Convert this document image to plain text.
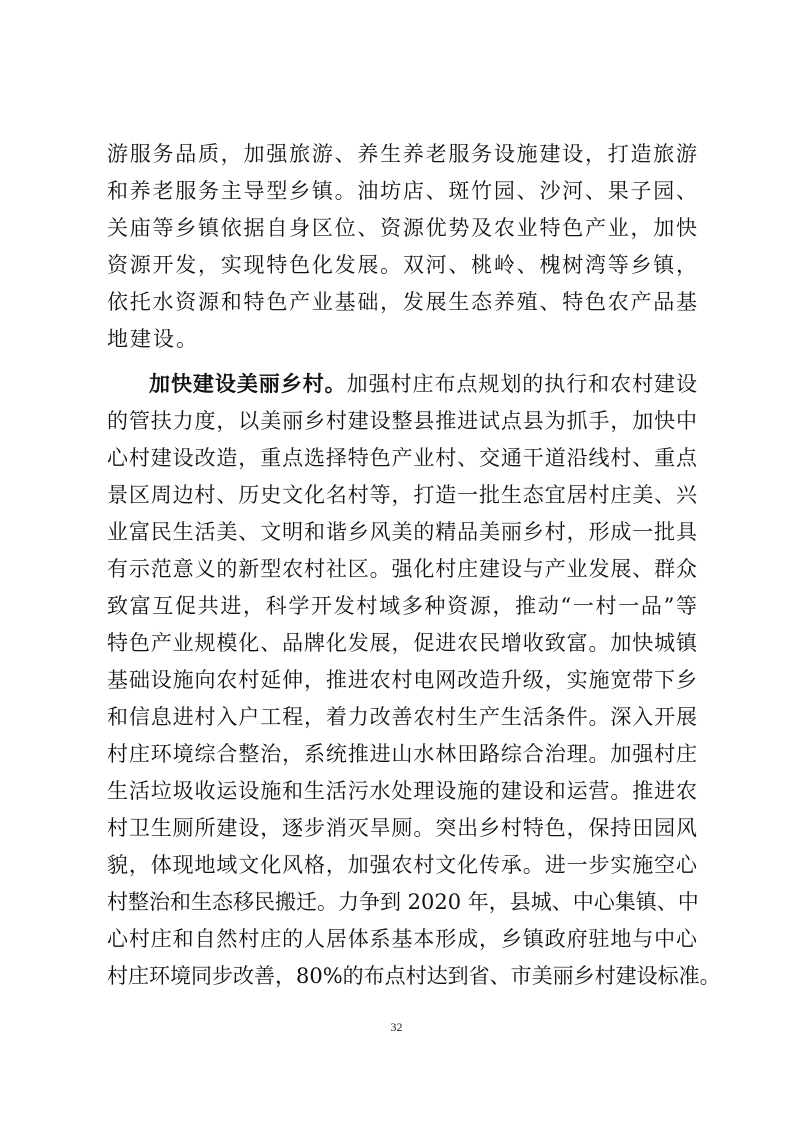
游服务品质，加强旅游、养生养老服务设施建设，打造旅游
和养老服务主导型乡镇。油坊店、斑竹园、沙河、果子园、
关庙等乡镇依据自身区位、资源优势及农业特色产业，加快
资源开发，实现特色化发展。双河、桃岭、槐树湾等乡镇，
依托水资源和特色产业基础，发展生态养殖、特色农产品基
地建设。
加快建设美丽乡村。加强村庄布点规划的执行和农村建设
的管扶力度，以美丽乡村建设整县推进试点县为抓手，加快中
心村建设改造，重点选择特色产业村、交通干道沿线村、重点
景区周边村、历史文化名村等，打造一批生态宜居村庄美、兴
业富民生活美、文明和谐乡风美的精品美丽乡村，形成一批具
有示范意义的新型农村社区。强化村庄建设与产业发展、群众
致富互促共进，科学开发村域多种资源，推动“一村一品”等
特色产业规模化、品牌化发展，促进农民增收致富。加快城镇
基础设施向农村延伸，推进农村电网改造升级，实施宽带下乡
和信息进村入户工程，着力改善农村生产生活条件。深入开展
村庄环境综合整治，系统推进山水林田路综合治理。加强村庄
生活垃圾收运设施和生活污水处理设施的建设和运营。推进农
村卫生厕所建设，逐步消灭旱厕。突出乡村特色，保持田园风
貌，体现地域文化风格，加强农村文化传承。进一步实施空心
村整治和生态移民搬迁。力争到 2020 年，县城、中心集镇、中
心村庄和自然村庄的人居体系基本形成，乡镇政府驻地与中心
村庄环境同步改善，80%的布点村达到省、市美丽乡村建设标准。
32
